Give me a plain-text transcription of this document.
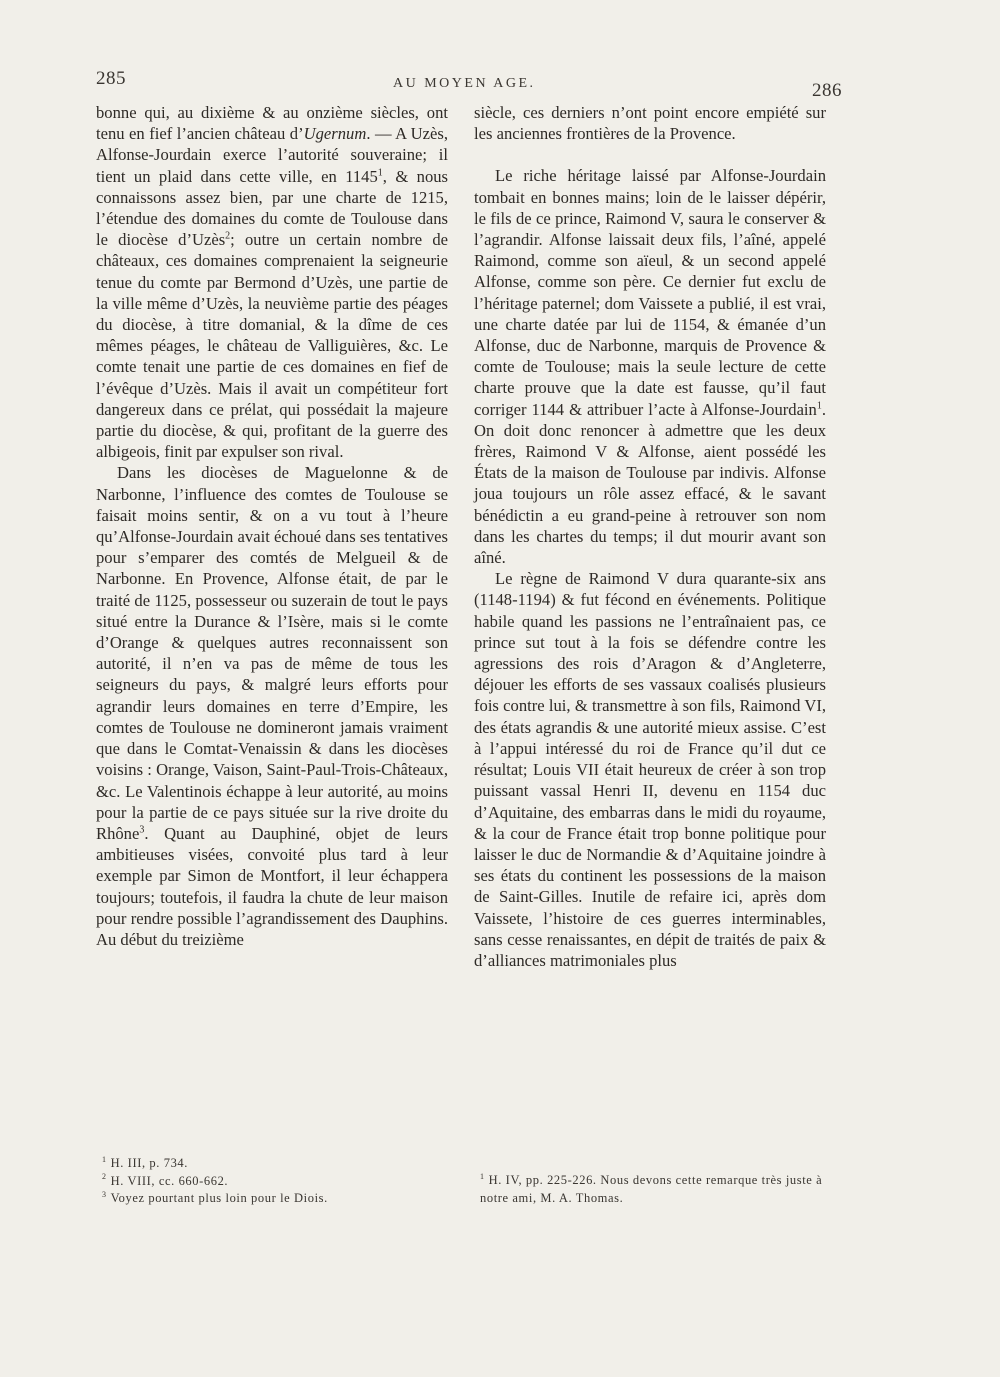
285	AU MOYEN AGE.	286

bonne qui, au dixième & au onzième siècles, ont tenu en fief l’ancien château d’Ugernum. — A Uzès, Alfonse-Jourdain exerce l’autorité souveraine; il tient un plaid dans cette ville, en 1145$^1$, & nous connaissons assez bien, par une charte de 1215, l’étendue des domaines du comte de Toulouse dans le diocèse d’Uzès$^2$; outre un certain nombre de châteaux, ces domaines comprenaient la seigneurie tenue du comte par Bermond d’Uzès, une partie de la ville même d’Uzès, la neuvième partie des péages du diocèse, à titre domanial, & la dîme de ces mêmes péages, le château de Valliguières, &c. Le comte tenait une partie de ces domaines en fief de l’évêque d’Uzès. Mais il avait un compétiteur fort dangereux dans ce prélat, qui possédait la majeure partie du diocèse, & qui, profitant de la guerre des albigeois, finit par expulser son rival.

Dans les diocèses de Maguelonne & de Narbonne, l’influence des comtes de Toulouse se faisait moins sentir, & on a vu tout à l’heure qu’Alfonse-Jourdain avait échoué dans ses tentatives pour s’emparer des comtés de Melgueil & de Narbonne. En Provence, Alfonse était, de par le traité de 1125, possesseur ou suzerain de tout le pays situé entre la Durance & l’Isère, mais si le comte d’Orange & quelques autres reconnaissent son autorité, il n’en va pas de même de tous les seigneurs du pays, & malgré leurs efforts pour agrandir leurs domaines en terre d’Empire, les comtes de Toulouse ne domineront jamais vraiment que dans le Comtat-Venaissin & dans les diocèses voisins : Orange, Vaison, Saint-Paul-Trois-Châteaux, &c. Le Valentinois échappe à leur autorité, au moins pour la partie de ce pays située sur la rive droite du Rhône$^3$. Quant au Dauphiné, objet de leurs ambitieuses visées, convoité plus tard à leur exemple par Simon de Montfort, il leur échappera toujours; toutefois, il faudra la chute de leur maison pour rendre possible l’agrandissement des Dauphins. Au début du treizième

siècle, ces derniers n’ont point encore empiété sur les anciennes frontières de la Provence.

Le riche héritage laissé par Alfonse-Jourdain tombait en bonnes mains; loin de le laisser dépérir, le fils de ce prince, Raimond V, saura le conserver & l’agrandir. Alfonse laissait deux fils, l’aîné, appelé Raimond, comme son aïeul, & un second appelé Alfonse, comme son père. Ce dernier fut exclu de l’héritage paternel; dom Vaissete a publié, il est vrai, une charte datée par lui de 1154, & émanée d’un Alfonse, duc de Narbonne, marquis de Provence & comte de Toulouse; mais la seule lecture de cette charte prouve que la date est fausse, qu’il faut corriger 1144 & attribuer l’acte à Alfonse-Jourdain$^1$. On doit donc renoncer à admettre que les deux frères, Raimond V & Alfonse, aient possédé les États de la maison de Toulouse par indivis. Alfonse joua toujours un rôle assez effacé, & le savant bénédictin a eu grand-peine à retrouver son nom dans les chartes du temps; il dut mourir avant son aîné.

Le règne de Raimond V dura quarante-six ans (1148-1194) & fut fécond en événements. Politique habile quand les passions ne l’entraînaient pas, ce prince sut tout à la fois se défendre contre les agressions des rois d’Aragon & d’Angleterre, déjouer les efforts de ses vassaux coalisés plusieurs fois contre lui, & transmettre à son fils, Raimond VI, des états agrandis & une autorité mieux assise. C’est à l’appui intéressé du roi de France qu’il dut ce résultat; Louis VII était heureux de créer à son trop puissant vassal Henri II, devenu en 1154 duc d’Aquitaine, des embarras dans le midi du royaume, & la cour de France était trop bonne politique pour laisser le duc de Normandie & d’Aquitaine joindre à ses états du continent les possessions de la maison de Saint-Gilles. Inutile de refaire ici, après dom Vaissete, l’histoire de ces guerres interminables, sans cesse renaissantes, en dépit de traités de paix & d’alliances matrimoniales plus

$^1$ H. III, p. 734.
$^2$ H. VIII, cc. 660-662.
$^3$ Voyez pourtant plus loin pour le Diois.
$^1$ H. IV, pp. 225-226. Nous devons cette remarque très juste à notre ami, M. A. Thomas.
